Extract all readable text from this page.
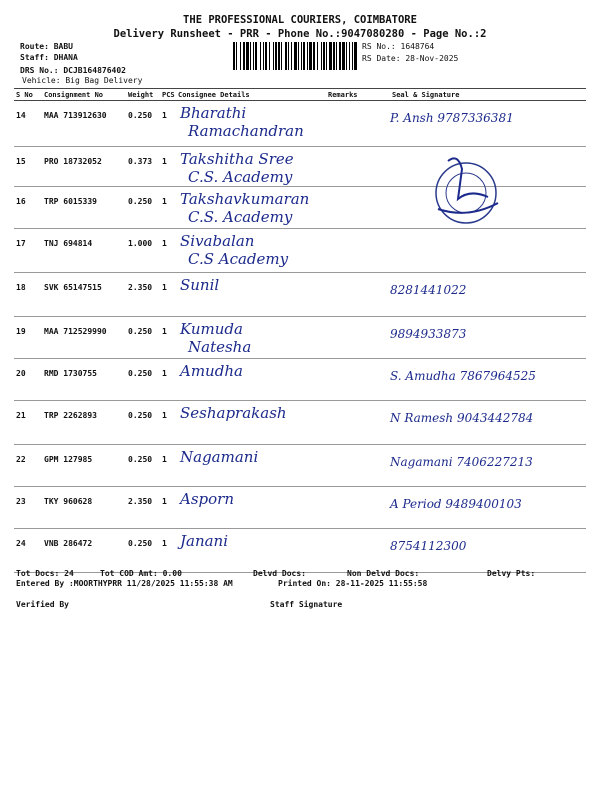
THE PROFESSIONAL COURIERS, COIMBATORE
Delivery Runsheet - PRR - Phone No.:9047080280 - Page No.:2
Route: BABU
Staff: DHANA
DRS No.: DCJB164876402
Vehicle: Big Bag Delivery
RS No.: 1648764
RS Date: 28-Nov-2025
S No	Consignment No	Weight	PCS	Consignee Details	Remarks	Seal & Signature
14	MAA 713912630	0.250	1	Bharathi
Ramachandran		P. Ansh 9787336381

15	PRO 18732052	0.373	1	Takshitha Sree
C.S. Academy

16	TRP 6015339	0.250	1	Takshavkumaran
C.S. Academy		

17	TNJ 694814	1.000	1	Sivabalan
C.S Academy		

18	SVK 65147515	2.350	1	Sunil		8281441022

19	MAA 712529990	0.250	1	Kumuda
Natesha		9894933873

20	RMD 1730755	0.250	1	Amudha		S. Amudha 7867964525

21	TRP 2262893	0.250	1	Seshaprakash		N Ramesh 9043442784

22	GPM 127985	0.250	1	Nagamani		Nagamani 7406227213

23	TKY 960628	2.350	1	Asporn		A Period 9489400103

24	VNB 286472	0.250	1	Janani		8754112300
Tot Docs: 24	Tot COD Amt: 0.00	Delvd Docs:	Non Delvd Docs:	Delvy Pts:
Entered By :MOORTHYPRR 11/28/2025 11:55:38 AM	Printed On: 28-11-2025 11:55:58
Verified By	Staff Signature
